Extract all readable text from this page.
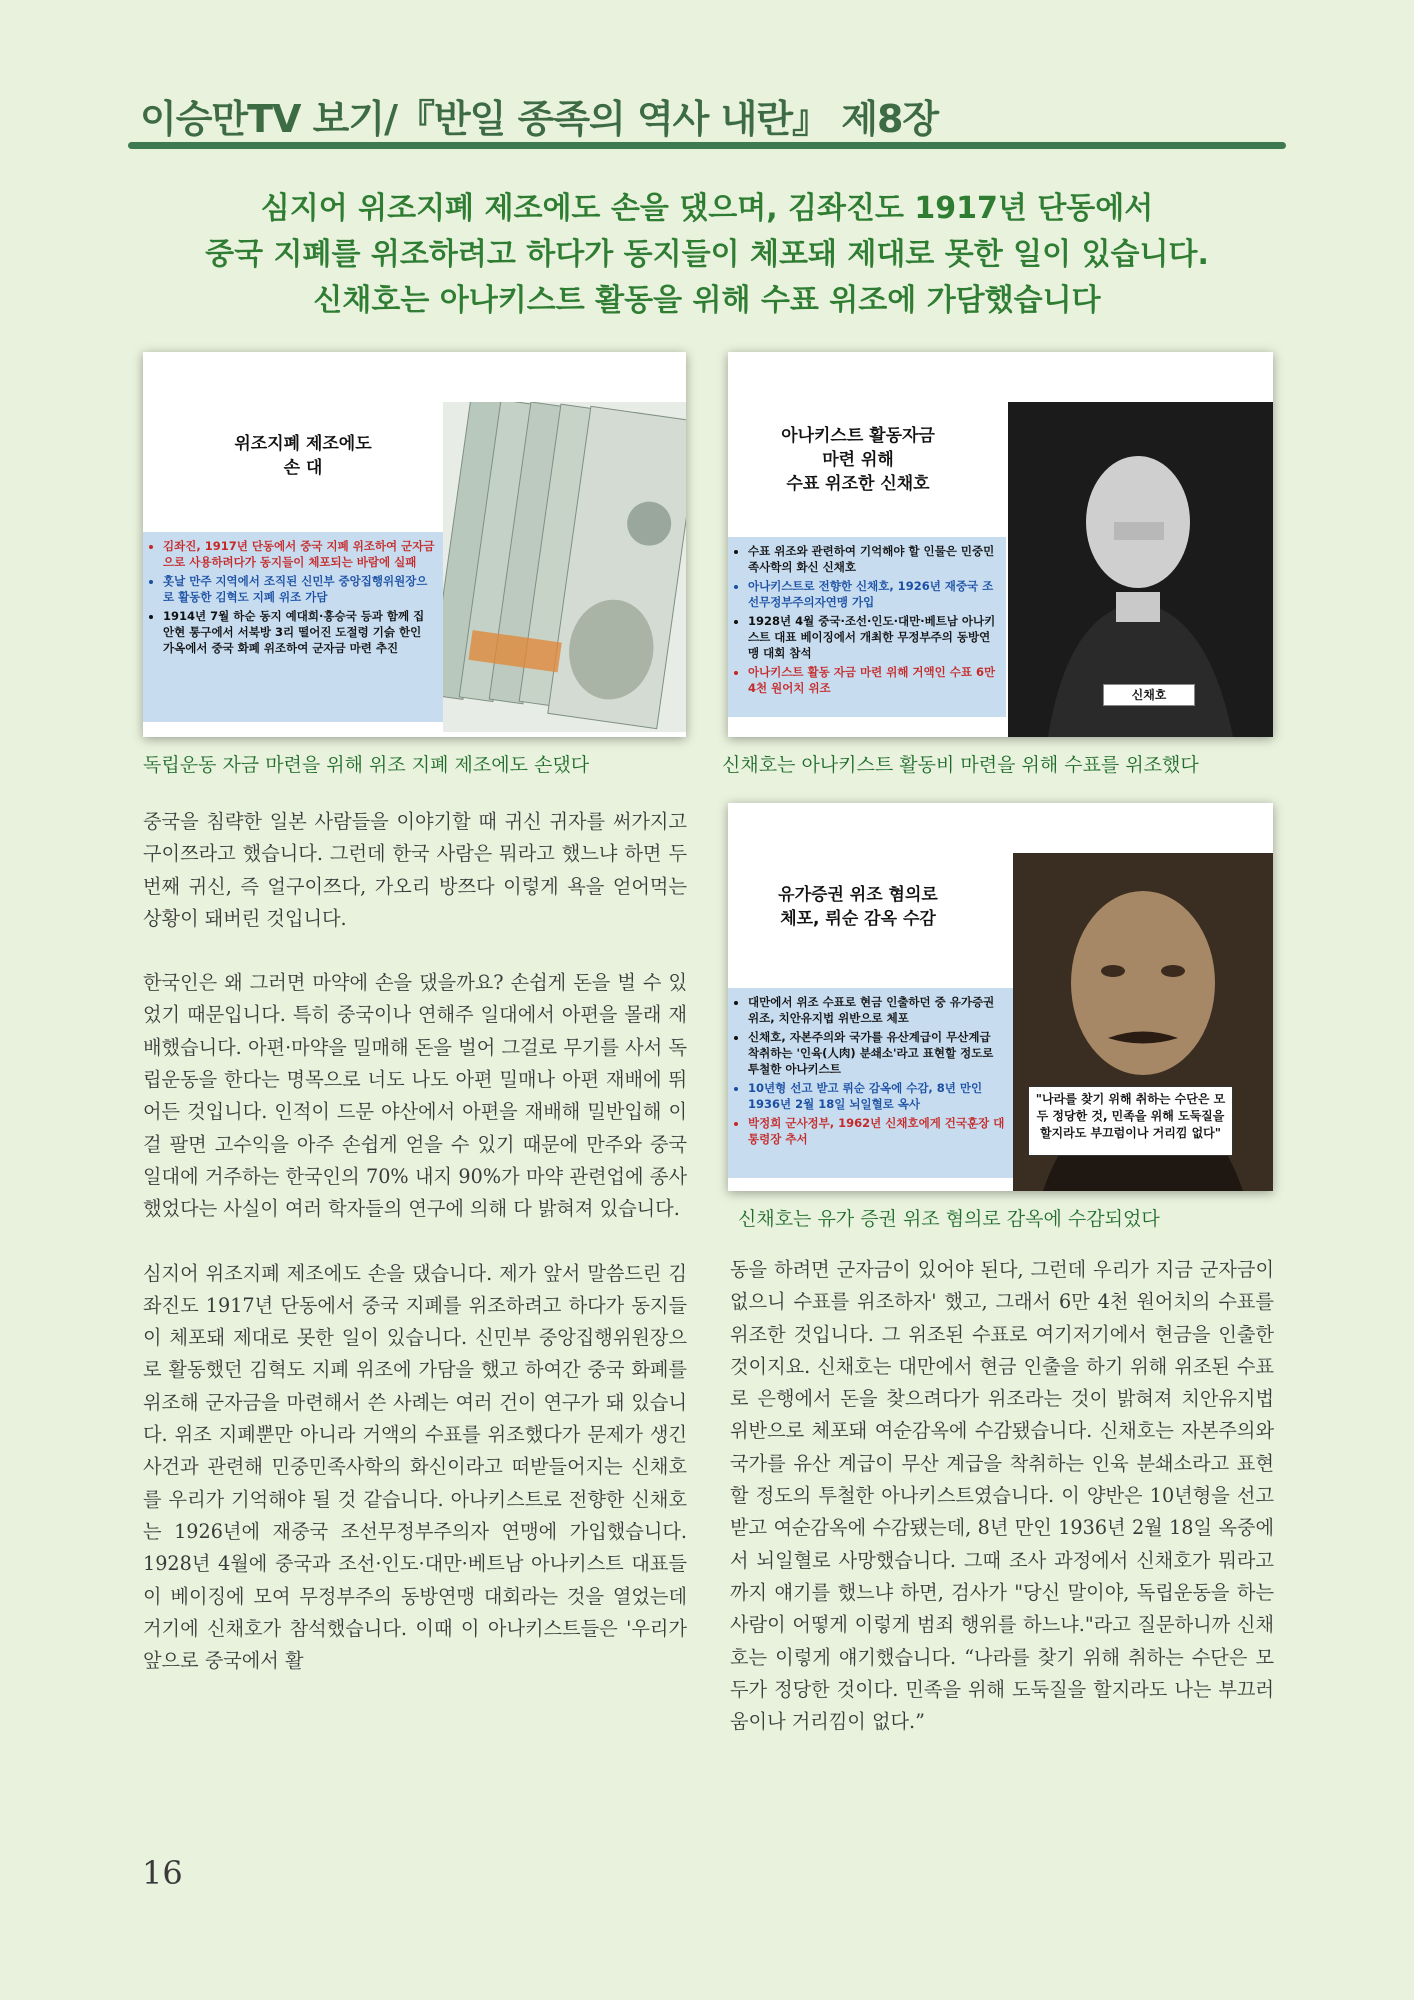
이승만TV 보기/『반일 종족의 역사 내란』 제8장
심지어 위조지폐 제조에도 손을 댔으며, 김좌진도 1917년 단동에서
중국 지폐를 위조하려고 하다가 동지들이 체포돼 제대로 못한 일이 있습니다.
신채호는 아나키스트 활동을 위해 수표 위조에 가담했습니다
위조지폐 제조에도
손 대
• 김좌진, 1917년 단동에서 중국 지폐 위조하여 군자금으로 사용하려다가 동지들이 체포되는 바람에 실패
• 홋날 만주 지역에서 조직된 신민부 중앙집행위원장으로 활동한 김혁도 지폐 위조 가담
• 1914년 7월 하순 동지 예대희·홍승국 등과 함께 집안현 통구에서 서북방 3리 떨어진 도절령 기슭 한인 가옥에서 중국 화폐 위조하여 군자금 마련 추진
독립운동 자금 마련을 위해 위조 지폐 제조에도 손댔다
아나키스트 활동자금
마련 위해
수표 위조한 신채호
• 수표 위조와 관련하여 기억해야 할 인물은 민중민족사학의 화신 신채호
• 아나키스트로 전향한 신채호, 1926년 재중국 조선무정부주의자연맹 가입
• 1928년 4월 중국·조선·인도·대만·베트남 아나키스트 대표 베이징에서 개최한 무정부주의 동방연맹 대회 참석
• 아나키스트 활동 자금 마련 위해 거액인 수표 6만 4천 원어치 위조	신채호
신채호는 아나키스트 활동비 마련을 위해 수표를 위조했다
유가증권 위조 혐의로
체포, 뤼순 감옥 수감
• 대만에서 위조 수표로 현금 인출하던 중 유가증권 위조, 치안유지법 위반으로 체포
• 신채호, 자본주의와 국가를 유산계급이 무산계급 착취하는 '인육(人肉) 분쇄소'라고 표현할 정도로 투철한 아나키스트
• 10년형 선고 받고 뤼순 감옥에 수감, 8년 만인 1936년 2월 18일 뇌일혈로 옥사
• 박정희 군사정부, 1962년 신채호에게 건국훈장 대통령장 추서
"나라를 찾기 위해 취하는 수단은 모두 정당한 것, 민족을 위해 도둑질을 할지라도 부끄럼이나 거리낌 없다"
신채호는 유가 증권 위조 혐의로 감옥에 수감되었다

중국을 침략한 일본 사람들을 이야기할 때 귀신 귀자를 써가지고 구이쯔라고 했습니다. 그런데 한국 사람은 뭐라고 했느냐 하면 두 번째 귀신, 즉 얼구이쯔다, 가오리 방쯔다 이렇게 욕을 얻어먹는 상황이 돼버린 것입니다.

한국인은 왜 그러면 마약에 손을 댔을까요? 손쉽게 돈을 벌 수 있었기 때문입니다. 특히 중국이나 연해주 일대에서 아편을 몰래 재배했습니다. 아편·마약을 밀매해 돈을 벌어 그걸로 무기를 사서 독립운동을 한다는 명목으로 너도 나도 아편 밀매나 아편 재배에 뛰어든 것입니다. 인적이 드문 야산에서 아편을 재배해 밀반입해 이걸 팔면 고수익을 아주 손쉽게 얻을 수 있기 때문에 만주와 중국 일대에 거주하는 한국인의 70% 내지 90%가 마약 관련업에 종사했었다는 사실이 여러 학자들의 연구에 의해 다 밝혀져 있습니다.

심지어 위조지폐 제조에도 손을 댔습니다. 제가 앞서 말씀드린 김좌진도 1917년 단동에서 중국 지폐를 위조하려고 하다가 동지들이 체포돼 제대로 못한 일이 있습니다. 신민부 중앙집행위원장으로 활동했던 김혁도 지폐 위조에 가담을 했고 하여간 중국 화폐를 위조해 군자금을 마련해서 쓴 사례는 여러 건이 연구가 돼 있습니다. 위조 지폐뿐만 아니라 거액의 수표를 위조했다가 문제가 생긴 사건과 관련해 민중민족사학의 화신이라고 떠받들어지는 신채호를 우리가 기억해야 될 것 같습니다. 아나키스트로 전향한 신채호는 1926년에 재중국 조선무정부주의자 연맹에 가입했습니다. 1928년 4월에 중국과 조선·인도·대만·베트남 아나키스트 대표들이 베이징에 모여 무정부주의 동방연맹 대회라는 것을 열었는데 거기에 신채호가 참석했습니다. 이때 이 아나키스트들은 '우리가 앞으로 중국에서 활

동을 하려면 군자금이 있어야 된다, 그런데 우리가 지금 군자금이 없으니 수표를 위조하자' 했고, 그래서 6만 4천 원어치의 수표를 위조한 것입니다. 그 위조된 수표로 여기저기에서 현금을 인출한 것이지요. 신채호는 대만에서 현금 인출을 하기 위해 위조된 수표로 은행에서 돈을 찾으려다가 위조라는 것이 밝혀져 치안유지법 위반으로 체포돼 여순감옥에 수감됐습니다. 신채호는 자본주의와 국가를 유산 계급이 무산 계급을 착취하는 인육 분쇄소라고 표현할 정도의 투철한 아나키스트였습니다. 이 양반은 10년형을 선고받고 여순감옥에 수감됐는데, 8년 만인 1936년 2월 18일 옥중에서 뇌일혈로 사망했습니다. 그때 조사 과정에서 신채호가 뭐라고까지 얘기를 했느냐 하면, 검사가 "당신 말이야, 독립운동을 하는 사람이 어떻게 이렇게 범죄 행위를 하느냐."라고 질문하니까 신채호는 이렇게 얘기했습니다. “나라를 찾기 위해 취하는 수단은 모두가 정당한 것이다. 민족을 위해 도둑질을 할지라도 나는 부끄러움이나 거리낌이 없다.”

16
